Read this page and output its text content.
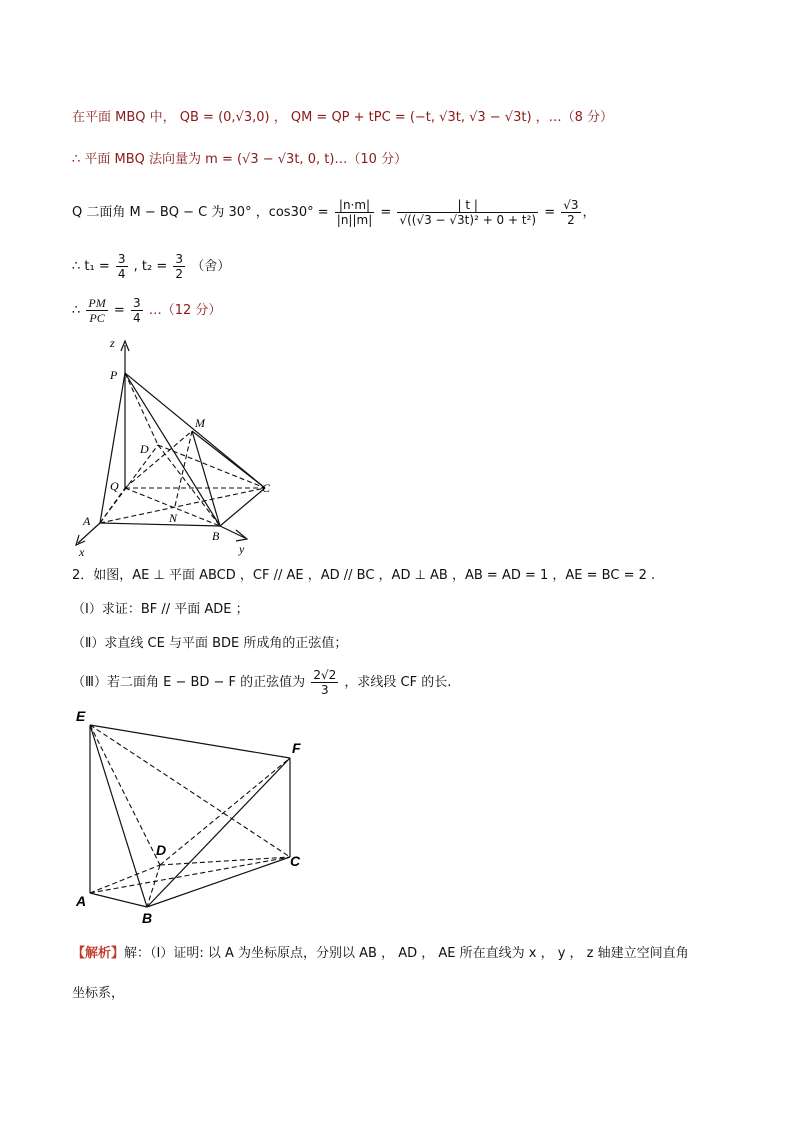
在平面 MBQ 中， QB = (0,√3,0) ， QM = QP + tPC = (−t, √3t, √3 − √3t) ，…（8 分）
∴ 平面 MBQ 法向量为 m = (√3 − √3t, 0, t)…（10 分）
Q 二面角 M − BQ − C 为 30° ，$\cos 30^\circ = \frac{|n\cdot m|}{|n||m|} = \frac{| t |}{\text{√((√3 − √3t)² + 0 + t²)}} = \frac{√3}{2}$ ，
∴ $t_1 = \frac{3}{4}$ , $t_2 = \frac{3}{2}$ （舍）
∴ $\frac{PM}{PC} = \frac{3}{4}$ …（12 分）
z
P
M
D
Q	C
A	N
B
x	y
2．如图，AE ⊥ 平面 ABCD ，CF // AE ，AD // BC ，AD ⊥ AB ，AB = AD = 1 ，AE = BC = 2 .
（Ⅰ）求证：BF // 平面 ADE ；
（Ⅱ）求直线 CE 与平面 BDE 所成角的正弦值；
（Ⅲ）若二面角 E − BD − F 的正弦值为 $\frac{2√2}{3}$ ，求线段 CF 的长.
E
F
D
C
A
B
【解析】解：（Ⅰ）证明: 以 A 为坐标原点，分别以 AB ， AD ， AE 所在直线为 x ， y ， z 轴建立空间直角
坐标系，
